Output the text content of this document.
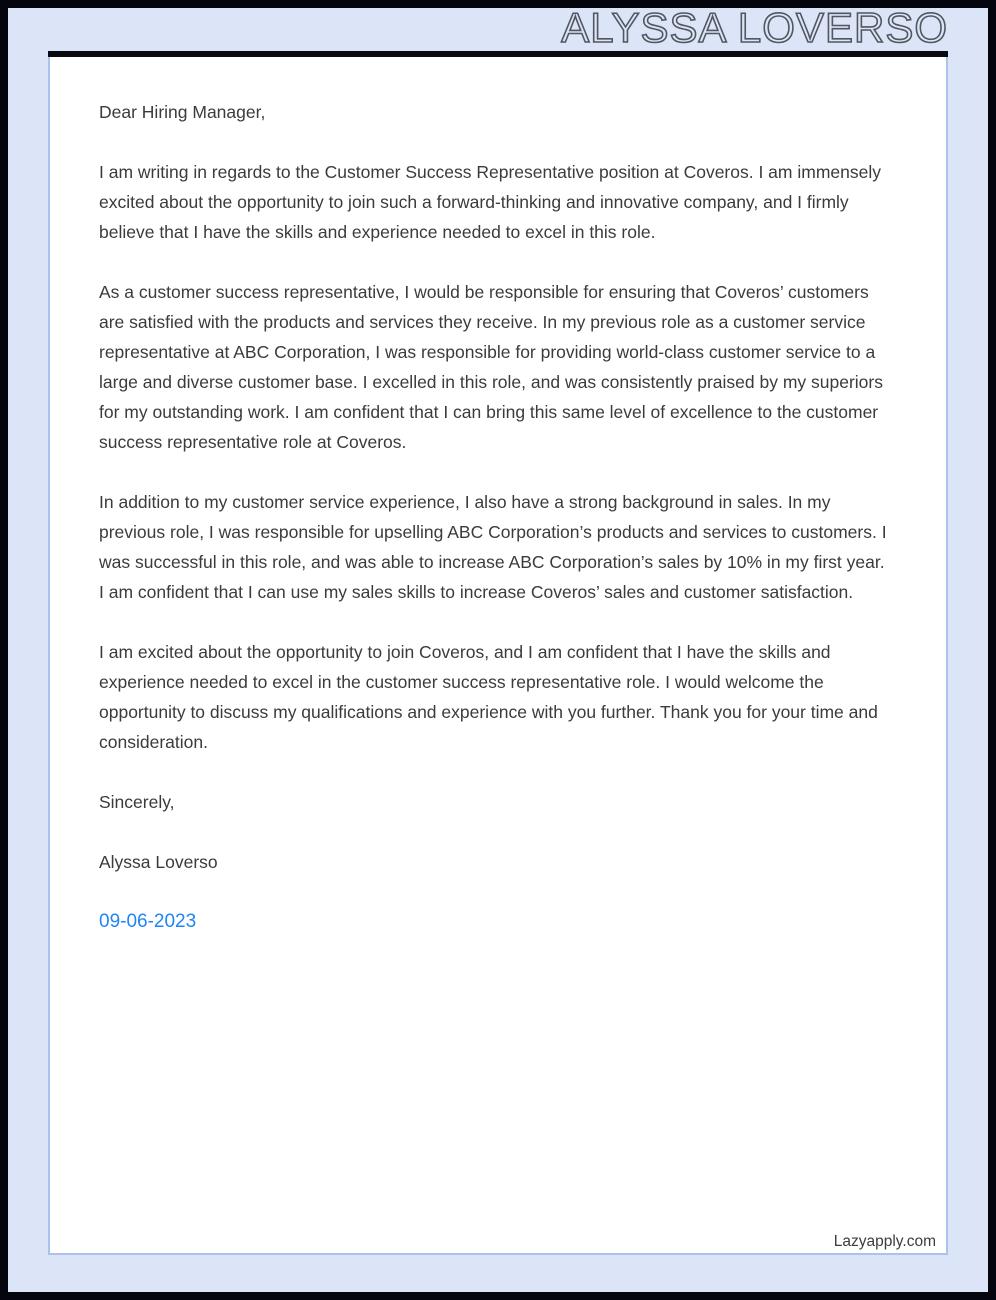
ALYSSA LOVERSO

Dear Hiring Manager,

I am writing in regards to the Customer Success Representative position at Coveros. I am immensely excited about the opportunity to join such a forward-thinking and innovative company, and I firmly believe that I have the skills and experience needed to excel in this role.

As a customer success representative, I would be responsible for ensuring that Coveros’ customers are satisfied with the products and services they receive. In my previous role as a customer service representative at ABC Corporation, I was responsible for providing world-class customer service to a large and diverse customer base. I excelled in this role, and was consistently praised by my superiors for my outstanding work. I am confident that I can bring this same level of excellence to the customer success representative role at Coveros.

In addition to my customer service experience, I also have a strong background in sales. In my previous role, I was responsible for upselling ABC Corporation’s products and services to customers. I was successful in this role, and was able to increase ABC Corporation’s sales by 10% in my first year. I am confident that I can use my sales skills to increase Coveros’ sales and customer satisfaction.

I am excited about the opportunity to join Coveros, and I am confident that I have the skills and experience needed to excel in the customer success representative role. I would welcome the opportunity to discuss my qualifications and experience with you further. Thank you for your time and consideration.

Sincerely,

Alyssa Loverso

09-06-2023

Lazyapply.com
